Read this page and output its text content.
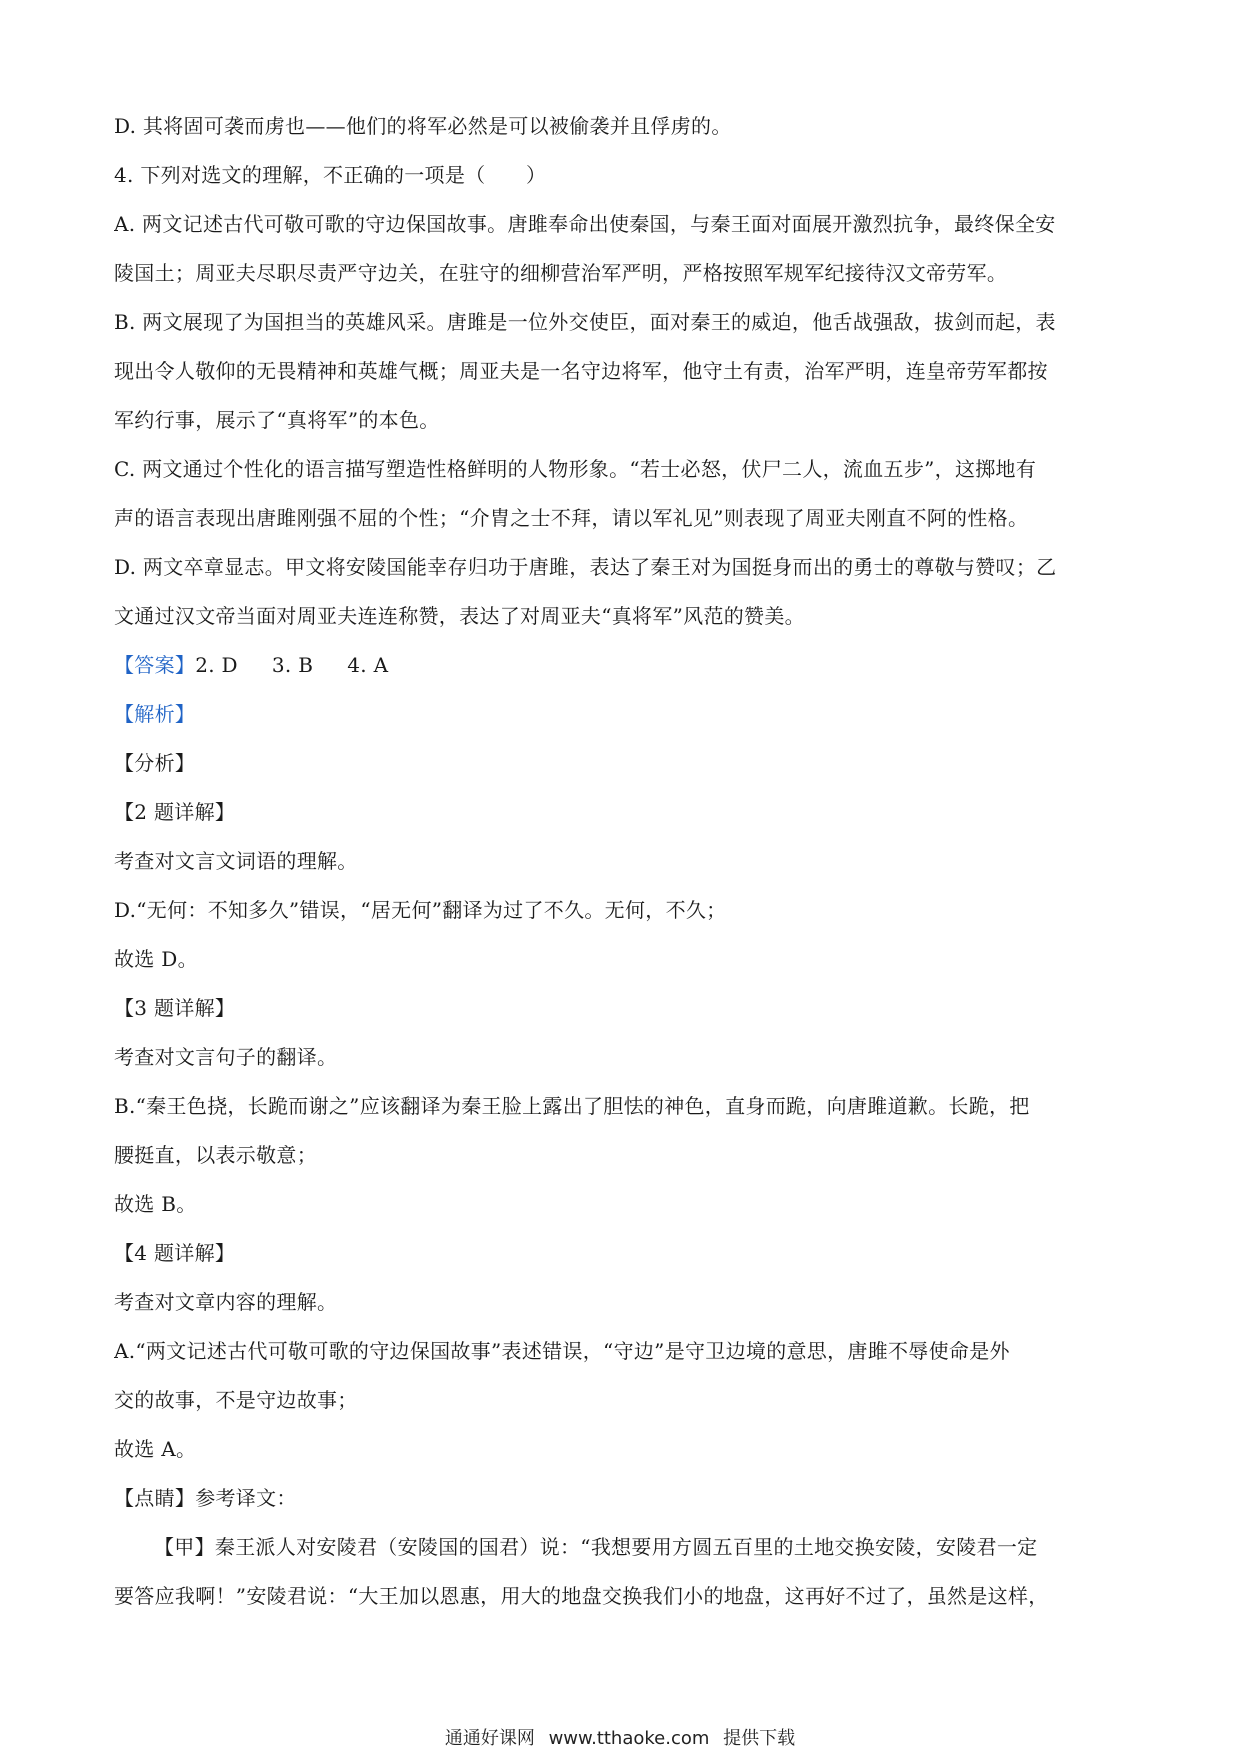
D. 其将固可袭而虏也——他们的将军必然是可以被偷袭并且俘虏的。
4. 下列对选文的理解，不正确的一项是（　　）
A. 两文记述古代可敬可歌的守边保国故事。唐雎奉命出使秦国，与秦王面对面展开激烈抗争，最终保全安
陵国土；周亚夫尽职尽责严守边关，在驻守的细柳营治军严明，严格按照军规军纪接待汉文帝劳军。
B. 两文展现了为国担当的英雄风采。唐雎是一位外交使臣，面对秦王的威迫，他舌战强敌，拔剑而起，表
现出令人敬仰的无畏精神和英雄气概；周亚夫是一名守边将军，他守土有责，治军严明，连皇帝劳军都按
军约行事，展示了“真将军”的本色。
C. 两文通过个性化的语言描写塑造性格鲜明的人物形象。“若士必怒，伏尸二人，流血五步”，这掷地有
声的语言表现出唐雎刚强不屈的个性；“介胄之士不拜，请以军礼见”则表现了周亚夫刚直不阿的性格。
D. 两文卒章显志。甲文将安陵国能幸存归功于唐雎，表达了秦王对为国挺身而出的勇士的尊敬与赞叹；乙
文通过汉文帝当面对周亚夫连连称赞，表达了对周亚夫“真将军”风范的赞美。
【答案】2. D 3. B 4. A
【解析】
【分析】
【2 题详解】
考查对文言文词语的理解。
D.“无何：不知多久”错误，“居无何”翻译为过了不久。无何，不久；
故选 D。
【3 题详解】
考查对文言句子的翻译。
B.“秦王色挠，长跪而谢之”应该翻译为秦王脸上露出了胆怯的神色，直身而跪，向唐雎道歉。长跪，把
腰挺直，以表示敬意；
故选 B。
【4 题详解】
考查对文章内容的理解。
A.“两文记述古代可敬可歌的守边保国故事”表述错误，“守边”是守卫边境的意思，唐雎不辱使命是外
交的故事，不是守边故事；
故选 A。
【点睛】参考译文：
【甲】秦王派人对安陵君（安陵国的国君）说：“我想要用方圆五百里的土地交换安陵，安陵君一定
要答应我啊！”安陵君说：“大王加以恩惠，用大的地盘交换我们小的地盘，这再好不过了，虽然是这样，
通通好课网 www.tthaoke.com 提供下载
